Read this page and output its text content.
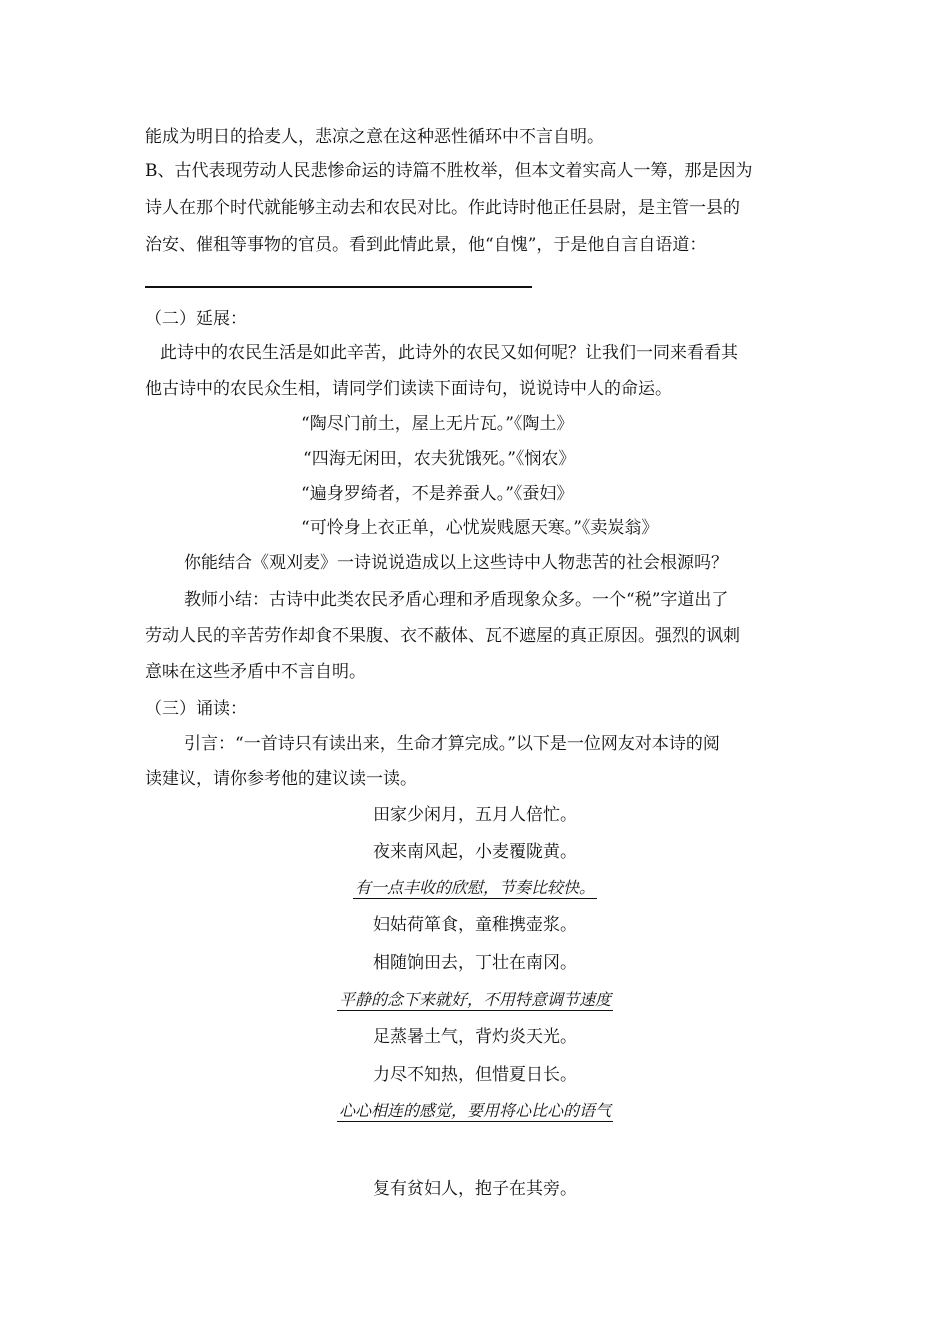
能成为明日的拾麦人，悲凉之意在这种恶性循环中不言自明。
B、古代表现劳动人民悲惨命运的诗篇不胜枚举，但本文着实高人一筹，那是因为
诗人在那个时代就能够主动去和农民对比。作此诗时他正任县尉，是主管一县的
治安、催租等事物的官员。看到此情此景，他“自愧”，于是他自言自语道：
（二）延展：
此诗中的农民生活是如此辛苦，此诗外的农民又如何呢？让我们一同来看看其
他古诗中的农民众生相，请同学们读读下面诗句，说说诗中人的命运。
“陶尽门前土，屋上无片瓦。”《陶土》
“四海无闲田，农夫犹饿死。”《悯农》
“遍身罗绮者，不是养蚕人。”《蚕妇》
“可怜身上衣正单，心忧炭贱愿天寒。”《卖炭翁》
你能结合《观刈麦》一诗说说造成以上这些诗中人物悲苦的社会根源吗？
教师小结：古诗中此类农民矛盾心理和矛盾现象众多。一个“税”字道出了
劳动人民的辛苦劳作却食不果腹、衣不蔽体、瓦不遮屋的真正原因。强烈的讽刺
意味在这些矛盾中不言自明。
（三）诵读：
引言：“一首诗只有读出来，生命才算完成。”以下是一位网友对本诗的阅
读建议，请你参考他的建议读一读。
田家少闲月，五月人倍忙。
夜来南风起，小麦覆陇黄。
有一点丰收的欣慰，节奏比较快。
妇姑荷箪食，童稚携壶浆。
相随饷田去，丁壮在南冈。
平静的念下来就好，不用特意调节速度
足蒸暑土气，背灼炎天光。
力尽不知热，但惜夏日长。
心心相连的感觉，要用将心比心的语气
复有贫妇人，抱子在其旁。
